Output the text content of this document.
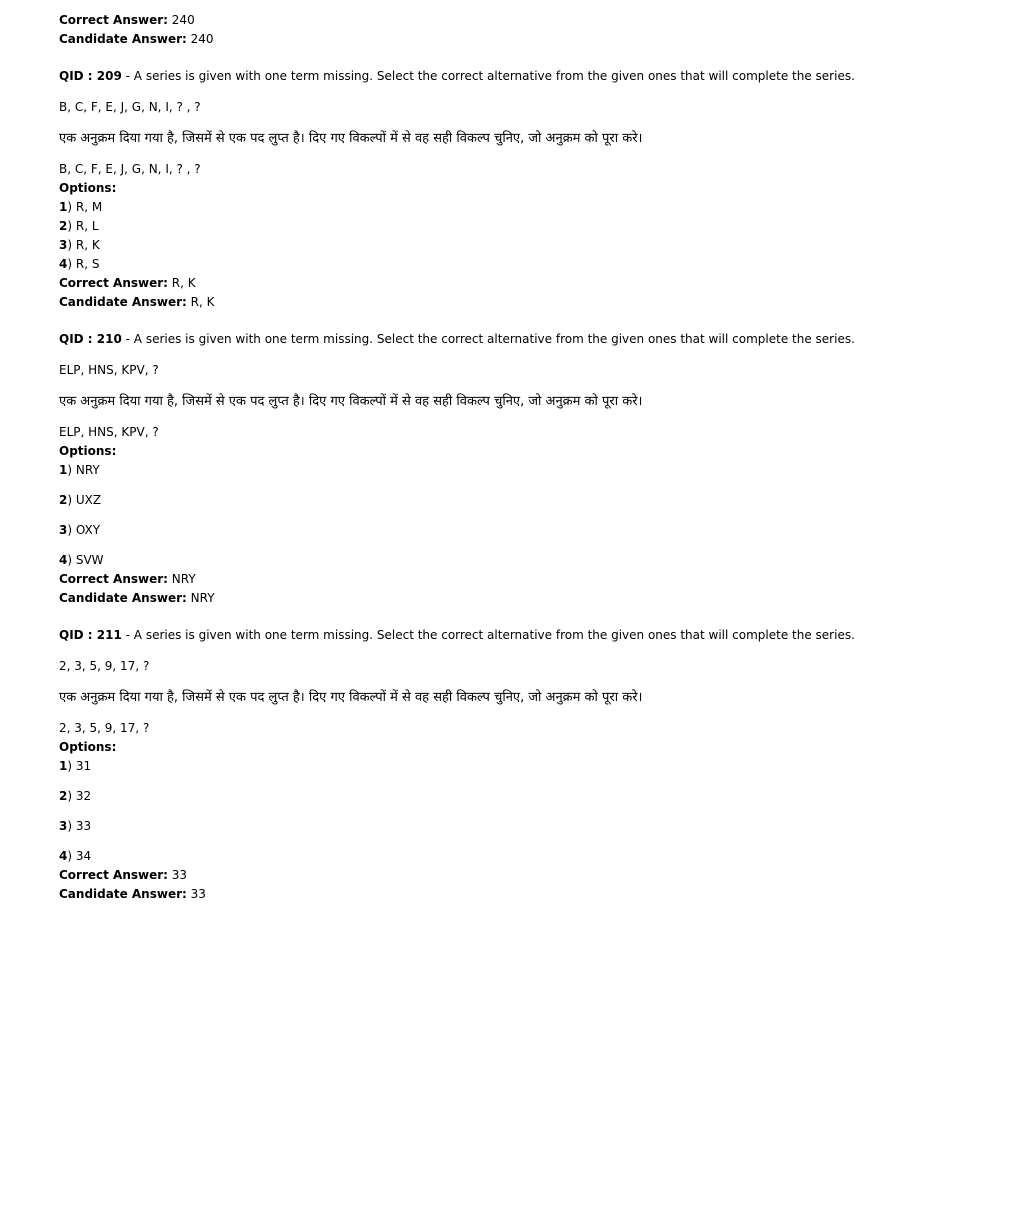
Correct Answer: 240
Candidate Answer: 240
QID : 209 - A series is given with one term missing. Select the correct alternative from the given ones that will complete the series.
B, C, F, E, J, G, N, I, ? , ?
एक अनुक्रम दिया गया है, जिसमें से एक पद लुप्त है। दिए गए विकल्पों में से वह सही विकल्प चुनिए, जो अनुक्रम को पूरा करे।
B, C, F, E, J, G, N, I, ? , ?
Options:
1) R, M
2) R, L
3) R, K
4) R, S
Correct Answer: R, K
Candidate Answer: R, K
QID : 210 - A series is given with one term missing. Select the correct alternative from the given ones that will complete the series.
ELP, HNS, KPV, ?
एक अनुक्रम दिया गया है, जिसमें से एक पद लुप्त है। दिए गए विकल्पों में से वह सही विकल्प चुनिए, जो अनुक्रम को पूरा करे।
ELP, HNS, KPV, ?
Options:
1) NRY
2) UXZ
3) OXY
4) SVW
Correct Answer: NRY
Candidate Answer: NRY
QID : 211 - A series is given with one term missing. Select the correct alternative from the given ones that will complete the series.
2, 3, 5, 9, 17, ?
एक अनुक्रम दिया गया है, जिसमें से एक पद लुप्त है। दिए गए विकल्पों में से वह सही विकल्प चुनिए, जो अनुक्रम को पूरा करे।
2, 3, 5, 9, 17, ?
Options:
1) 31
2) 32
3) 33
4) 34
Correct Answer: 33
Candidate Answer: 33
